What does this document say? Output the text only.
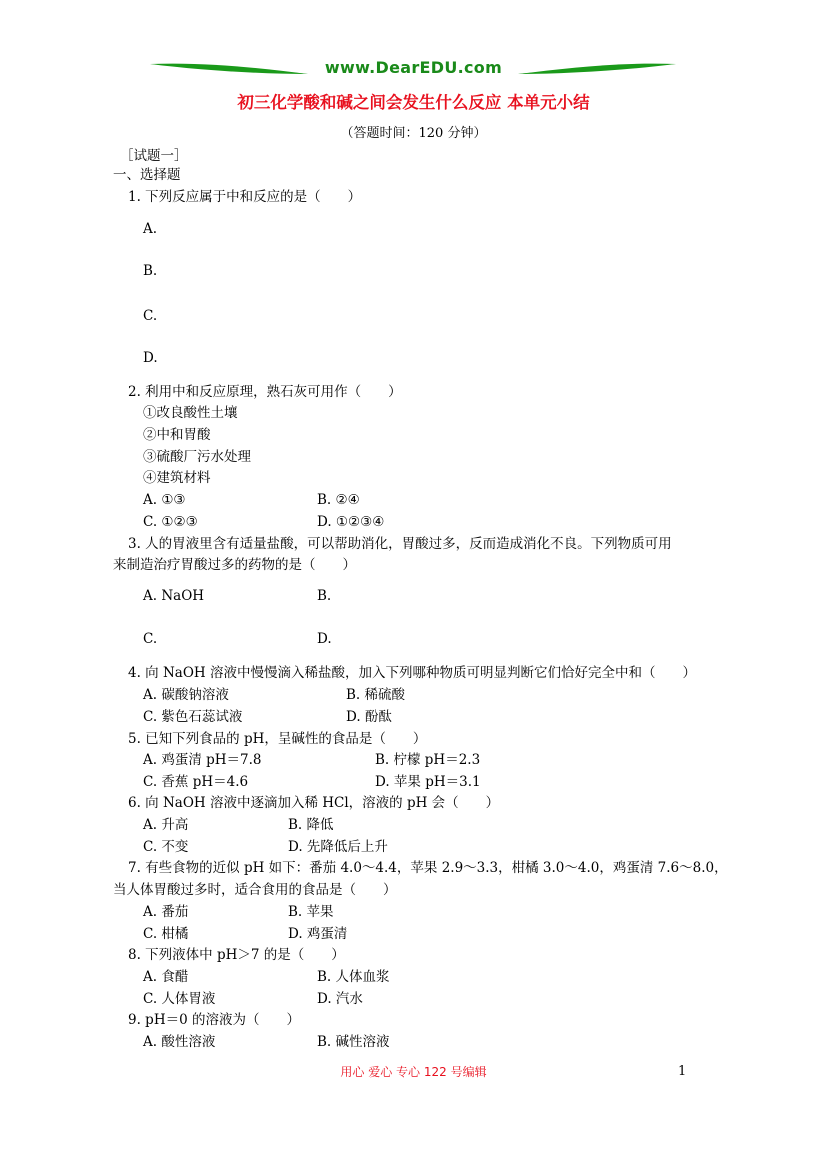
www.DearEDU.com
初三化学酸和碱之间会发生什么反应 本单元小结
（答题时间：120 分钟）
［试题一］
一、选择题
1. 下列反应属于中和反应的是（　　）
A.
B.
C.
D.
2. 利用中和反应原理，熟石灰可用作（　　）
①改良酸性土壤
②中和胃酸
③硫酸厂污水处理
④建筑材料
A. ①③	B. ②④
C. ①②③	D. ①②③④
3. 人的胃液里含有适量盐酸，可以帮助消化，胃酸过多，反而造成消化不良。下列物质可用
来制造治疗胃酸过多的药物的是（　　）
A. NaOH	B.
C.	D.
4. 向 NaOH 溶液中慢慢滴入稀盐酸，加入下列哪种物质可明显判断它们恰好完全中和（　　）
A. 碳酸钠溶液	B. 稀硫酸
C. 紫色石蕊试液	D. 酚酞
5. 已知下列食品的 pH，呈碱性的食品是（　　）
A. 鸡蛋清 pH＝7.8	B. 柠檬 pH＝2.3
C. 香蕉 pH＝4.6	D. 苹果 pH＝3.1
6. 向 NaOH 溶液中逐滴加入稀 HCl，溶液的 pH 会（　　）
A. 升高	B. 降低
C. 不变	D. 先降低后上升
7. 有些食物的近似 pH 如下：番茄 4.0～4.4，苹果 2.9～3.3，柑橘 3.0～4.0，鸡蛋清 7.6～8.0，
当人体胃酸过多时，适合食用的食品是（　　）
A. 番茄	B. 苹果
C. 柑橘	D. 鸡蛋清
8. 下列液体中 pH＞7 的是（　　）
A. 食醋	B. 人体血浆
C. 人体胃液	D. 汽水
9. pH＝0 的溶液为（　　）
A. 酸性溶液	B. 碱性溶液
用心 爱心 专心 122 号编辑	1
